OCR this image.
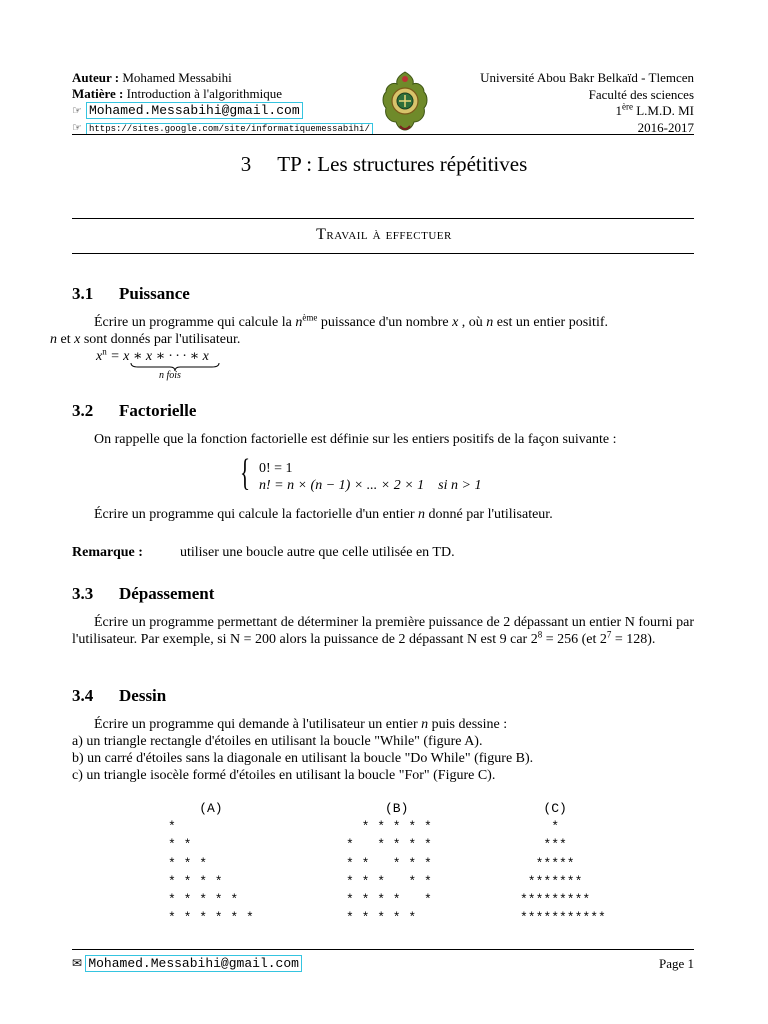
Auteur : Mohamed Messabihi
Matière : Introduction à l'algorithmique
☞ Mohamed.Messabihi@gmail.com
☞ https://sites.google.com/site/informatiquemessabihi/
Université Abou Bakr Belkaïd - Tlemcen
Faculté des sciences
1ère L.M.D. MI
2016-2017
3 TP : Les structures répétitives
Travail à effectuer
3.1 Puissance
Écrire un programme qui calcule la $n^{ème}$ puissance d'un nombre x , où n est un entier positif.
n et x sont donnés par l'utilisateur.
$x^n = x$ ∗ x ∗ · · · ∗ x
n fois
3.2 Factorielle
On rappelle que la fonction factorielle est définie sur les entiers positifs de la façon suivante :
{ 0! = 1
n! = n × (n − 1) × ... × 2 × 1    si n > 1
Écrire un programme qui calcule la factorielle d'un entier n donné par l'utilisateur.
Remarque :	utiliser une boucle autre que celle utilisée en TD.
3.3 Dépassement
Écrire un programme permettant de déterminer la première puissance de 2 dépassant un entier N fourni par l'utilisateur. Par exemple, si N = 200 alors la puissance de 2 dépassant N est 9 car $2^8 = 256$ (et $2^7 = 128$).
3.4 Dessin
Écrire un programme qui demande à l'utilisateur un entier n puis dessine :
a) un triangle rectangle d'étoiles en utilisant la boucle "While" (figure A).
b) un carré d'étoiles sans la diagonale en utilisant la boucle "Do While" (figure B).
c) un triangle isocèle formé d'étoiles en utilisant la boucle "For" (Figure C).
(A)
*
* *
* * *
* * * *
* * * * *
* * * * * *
(B)
* * * * *
*   * * * *
* *   * * *
* * *   * *
* * * *   *
* * * * *
(C)
*
***
*****
*******
*********
***********
✉ Mohamed.Messabihi@gmail.com	Page 1
